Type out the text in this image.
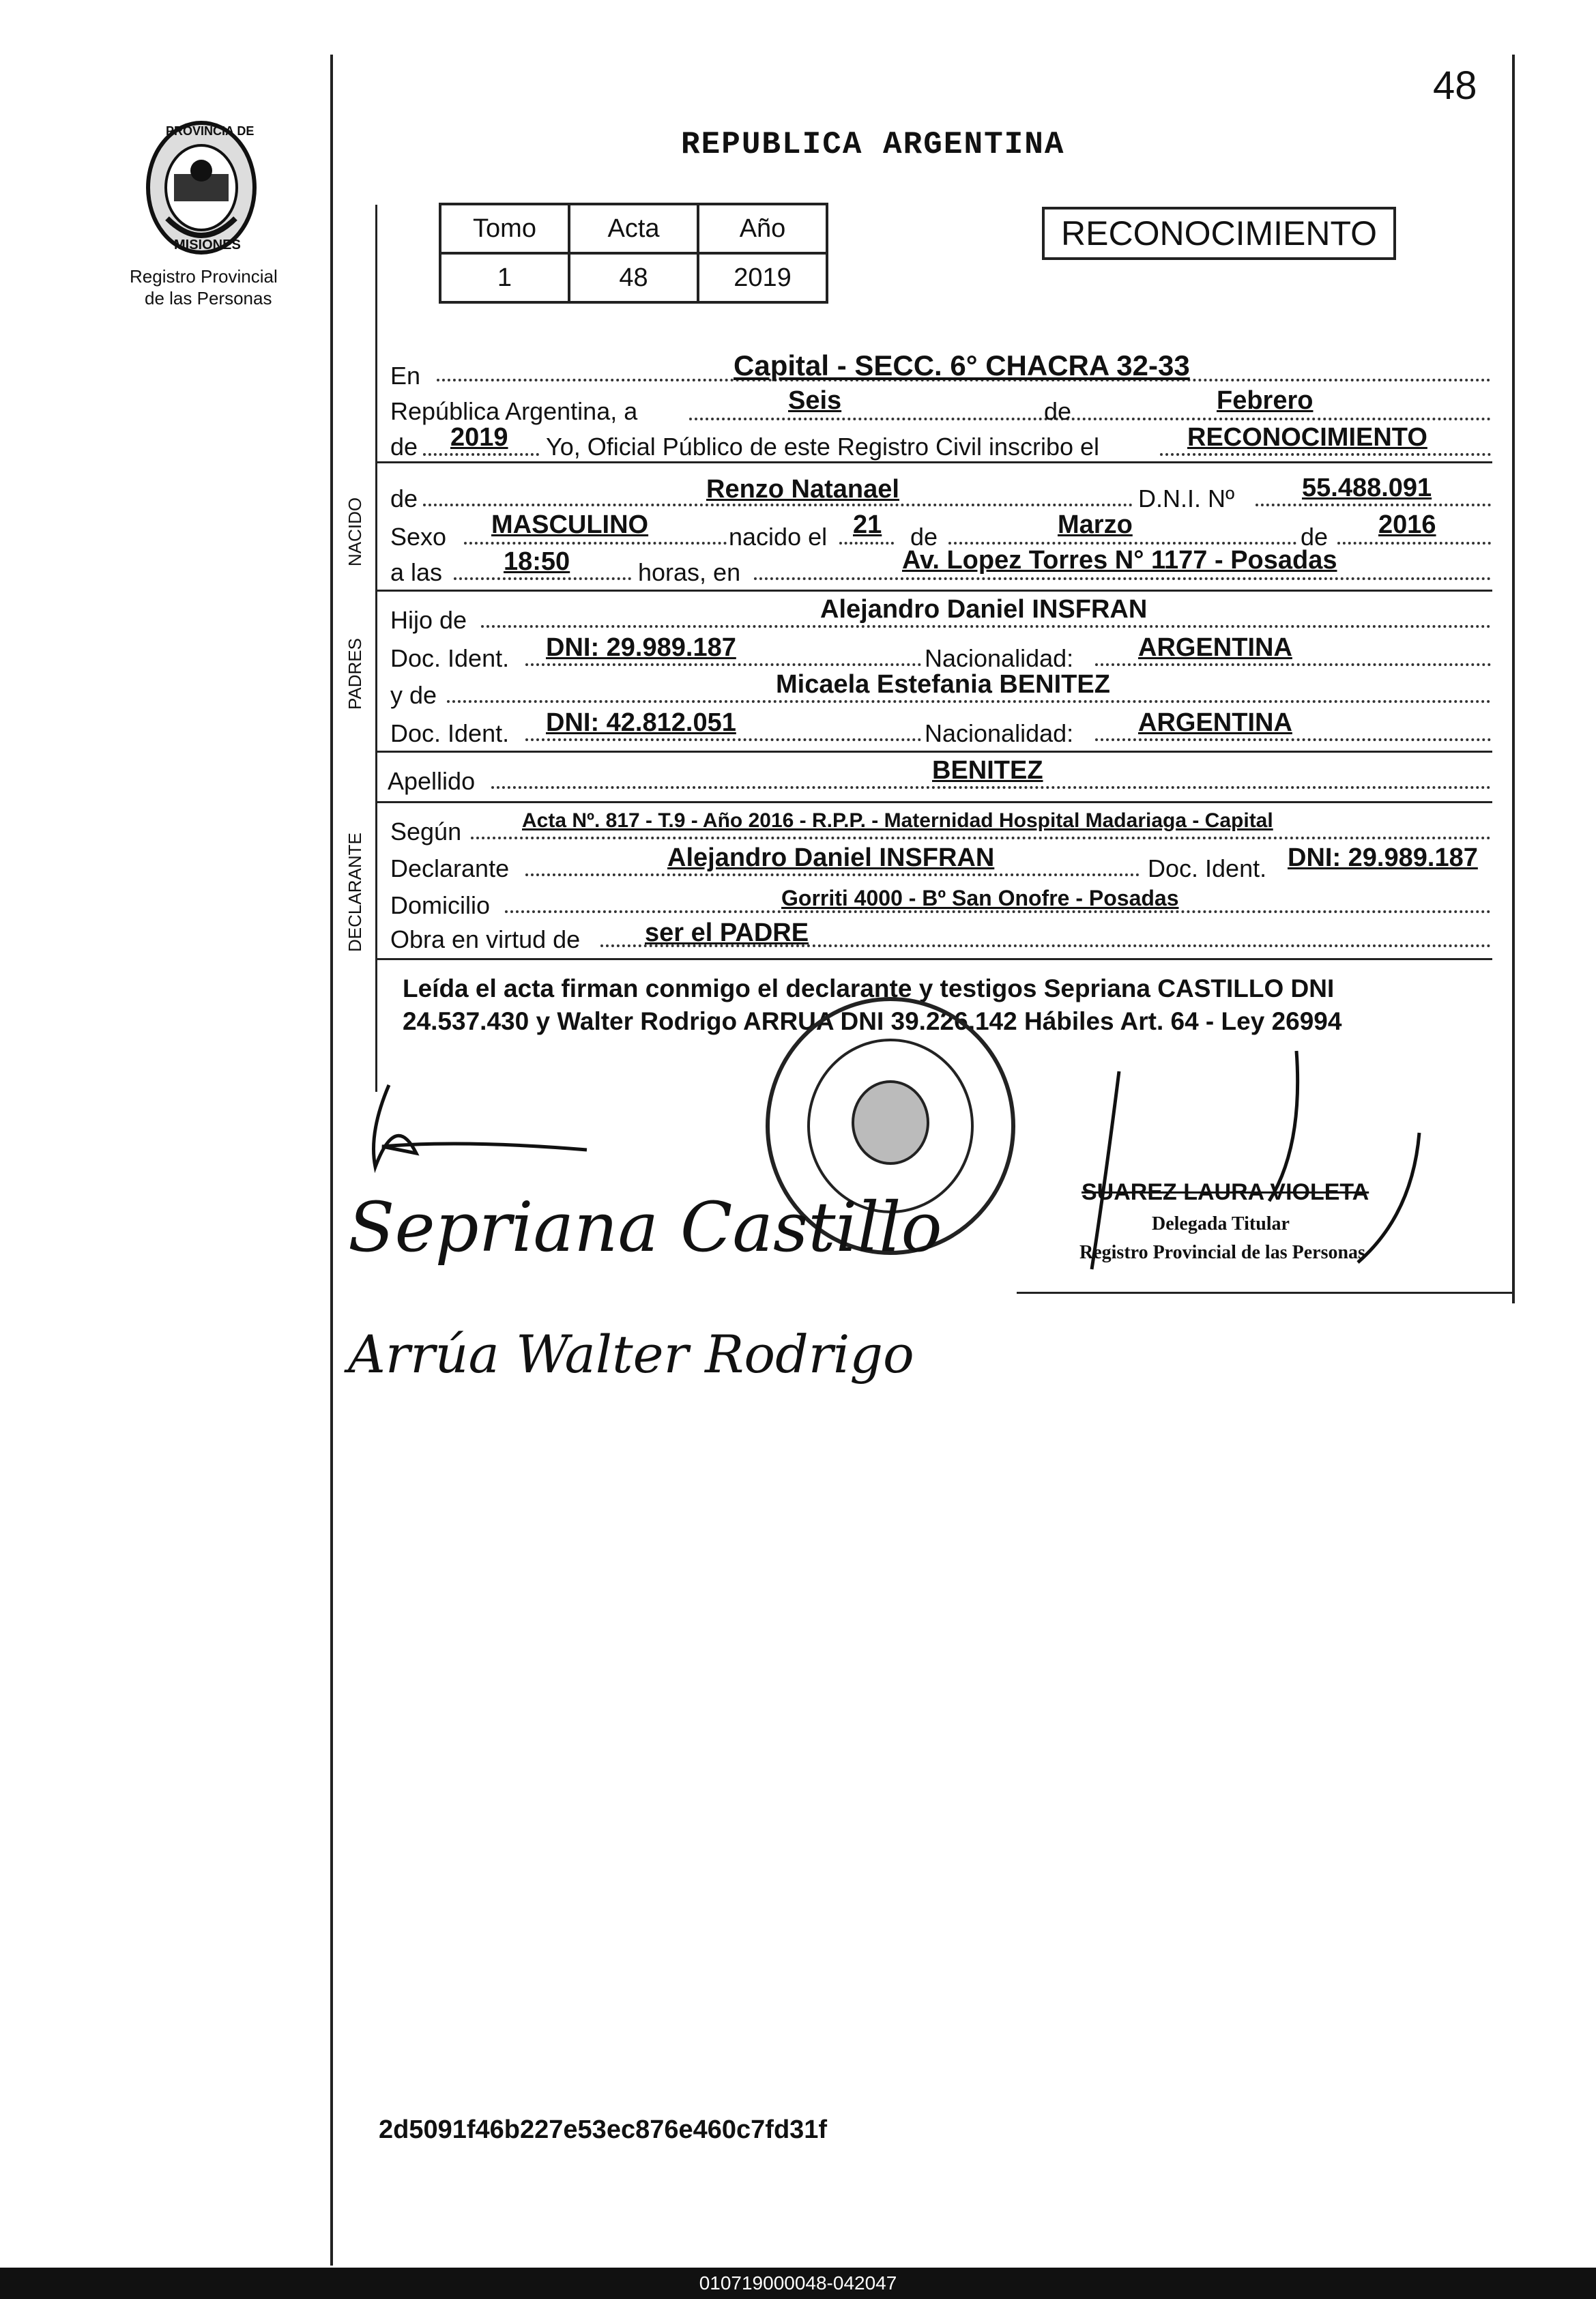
PROVINCIA DE
MISIONES
Registro Provincial
de las Personas
48
REPUBLICA ARGENTINA
Tomo	Acta	Año
1	48	2019
RECONOCIMIENTO
En	Capital - SECC. 6° CHACRA 32-33
República Argentina, a	Seis	de	Febrero
de 2019 Yo, Oficial Público de este Registro Civil inscribo el	RECONOCIMIENTO
NACIDO de	Renzo Natanael	D.N.I. Nº	55.488.091
Sexo MASCULINO	nacido el 21 de	Marzo	de 2016
a las 18:50	horas, en	Av. Lopez Torres N° 1177 - Posadas
PADRES
Hijo de	Alejandro Daniel INSFRAN
Doc. Ident. DNI: 29.989.187	Nacionalidad: ARGENTINA
y de	Micaela Estefania BENITEZ
Doc. Ident. DNI: 42.812.051	Nacionalidad: ARGENTINA
Apellido	BENITEZ
DECLARANTE
Según	Acta Nº. 817 - T.9 - Año 2016 - R.P.P. - Maternidad Hospital Madariaga - Capital
Declarante	Alejandro Daniel INSFRAN	Doc. Ident. DNI: 29.989.187
Domicilio	Gorriti 4000 - Bº San Onofre - Posadas
Obra en virtud de ser el PADRE
Leída el acta firman conmigo el declarante y testigos Sepriana CASTILLO DNI
24.537.430 y Walter Rodrigo ARRUA DNI 39.226.142 Hábiles Art. 64 - Ley 26994
Sepriana Castillo
Arrúa Walter Rodrigo
SUAREZ LAURA VIOLETA
Delegada Titular
Registro Provincial de las Personas
2d5091f46b227e53ec876e460c7fd31f
010719000048-042047
